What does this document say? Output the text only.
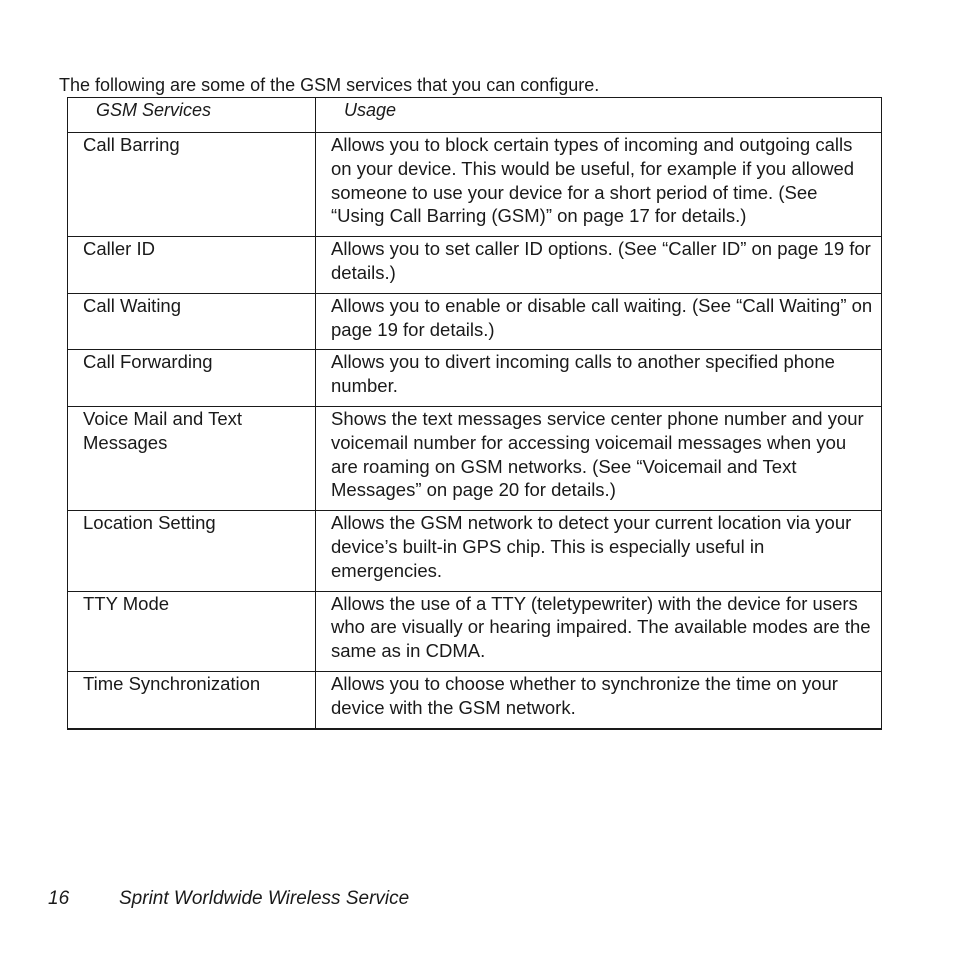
The following are some of the GSM services that you can configure.

GSM Services	Usage
Call Barring	Allows you to block certain types of incoming and outgoing calls on your device. This would be useful, for example if you allowed someone to use your device for a short period of time. (See “Using Call Barring (GSM)” on page 17 for details.)
Caller ID	Allows you to set caller ID options. (See “Caller ID” on page 19 for details.)
Call Waiting	Allows you to enable or disable call waiting. (See “Call Waiting” on page 19 for details.)
Call Forwarding	Allows you to divert incoming calls to another specified phone number.
Voice Mail and Text Messages	Shows the text messages service center phone number and your voicemail number for accessing voicemail messages when you are roaming on GSM networks. (See “Voicemail and Text Messages” on page 20 for details.)
Location Setting	Allows the GSM network to detect your current location via your device’s built-in GPS chip. This is especially useful in emergencies.
TTY Mode	Allows the use of a TTY (teletypewriter) with the device for users who are visually or hearing impaired. The available modes are the same as in CDMA.
Time Synchronization	Allows you to choose whether to synchronize the time on your device with the GSM network.
16	Sprint Worldwide Wireless Service
